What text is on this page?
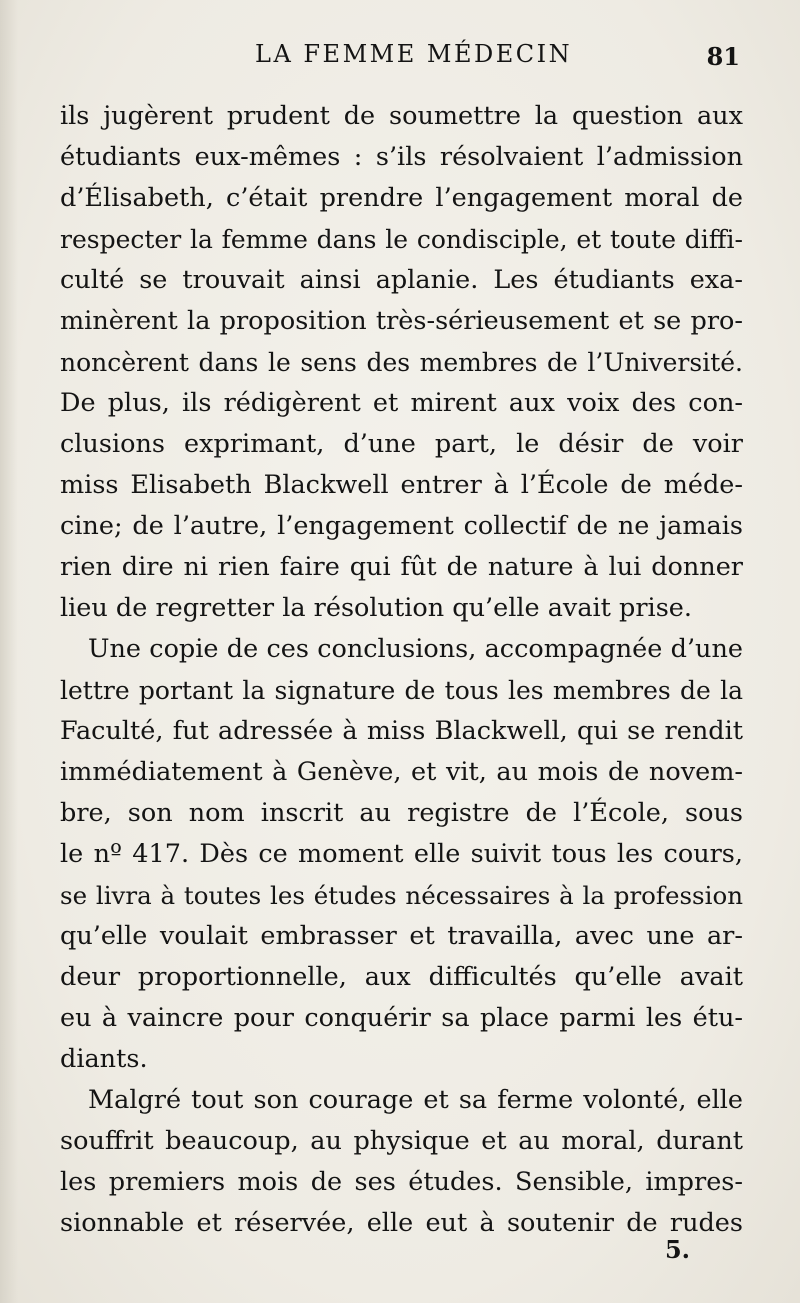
LA FEMME MÉDECIN	81
ils jugèrent prudent de soumettre la question aux
étudiants eux-mêmes : s’ils résolvaient l’admission
d’Élisabeth, c’était prendre l’engagement moral de
respecter la femme dans le condisciple, et toute diffi-
culté se trouvait ainsi aplanie. Les étudiants exa-
minèrent la proposition très-sérieusement et se pro-
noncèrent dans le sens des membres de l’Université.
De plus, ils rédigèrent et mirent aux voix des con-
clusions exprimant, d’une part, le désir de voir
miss Elisabeth Blackwell entrer à l’École de méde-
cine; de l’autre, l’engagement collectif de ne jamais
rien dire ni rien faire qui fût de nature à lui donner
lieu de regretter la résolution qu’elle avait prise.
Une copie de ces conclusions, accompagnée d’une
lettre portant la signature de tous les membres de la
Faculté, fut adressée à miss Blackwell, qui se rendit
immédiatement à Genève, et vit, au mois de novem-
bre, son nom inscrit au registre de l’École, sous
le nº 417. Dès ce moment elle suivit tous les cours,
se livra à toutes les études nécessaires à la profession
qu’elle voulait embrasser et travailla, avec une ar-
deur proportionnelle, aux difficultés qu’elle avait
eu à vaincre pour conquérir sa place parmi les étu-
diants.
Malgré tout son courage et sa ferme volonté, elle
souffrit beaucoup, au physique et au moral, durant
les premiers mois de ses études. Sensible, impres-
sionnable et réservée, elle eut à soutenir de rudes
5.
